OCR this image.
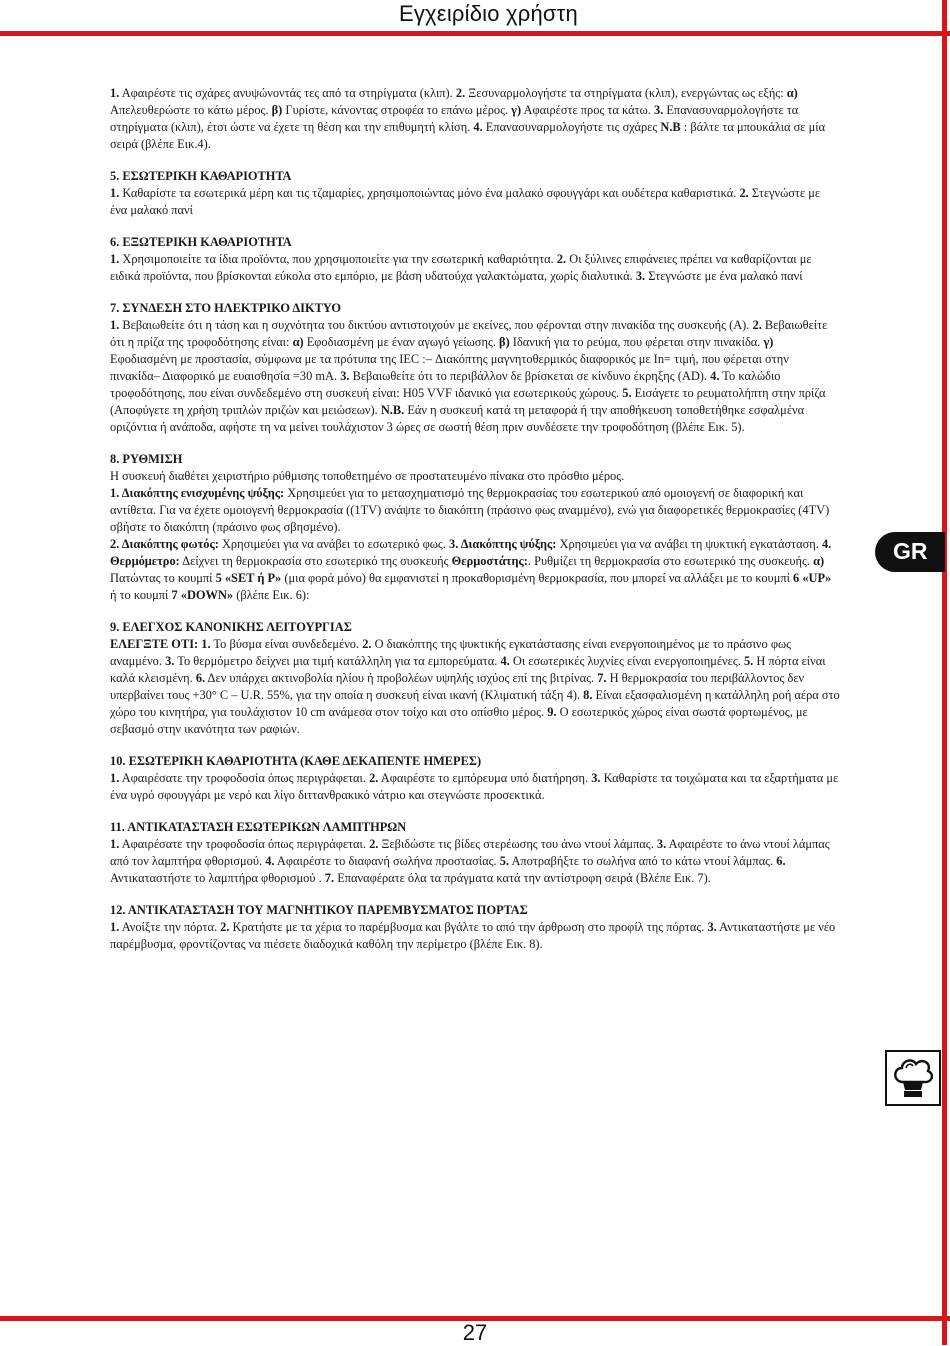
Εγχειρίδιο χρήστη
GR

1. Αφαιρέστε τις σχάρες ανυψώνοντάς τες από τα στηρίγματα (κλιπ). 2. Ξεσυναρμολογήστε τα στηρίγματα (κλιπ), ενεργώντας ως εξής: α) Απελευθερώστε το κάτω μέρος. β) Γυρίστε, κάνοντας στροφέα το επάνω μέρος. γ) Αφαιρέστε προς τα κάτω. 3. Επανασυναρμολογήστε τα στηρίγματα (κλιπ), έτσι ώστε να έχετε τη θέση και την επιθυμητή κλίση. 4. Επανασυναρμολογήστε τις σχάρες N.B : βάλτε τα μπουκάλια σε μία σειρά (βλέπε Εικ.4).

5. ΕΣΩΤΕΡΙΚΗ ΚΑΘΑΡΙΟΤΗΤΑ

1. Καθαρίστε τα εσωτερικά μέρη και τις τζαμαρίες, χρησιμοποιώντας μόνο ένα μαλακό σφουγγάρι και ουδέτερα καθαριστικά. 2. Στεγνώστε με ένα μαλακό πανί

6. ΕΞΩΤΕΡΙΚΗ ΚΑΘΑΡΙΟΤΗΤΑ

1. Χρησιμοποιείτε τα ίδια προϊόντα, που χρησιμοποιείτε για την εσωτερική καθαριότητα. 2. Οι ξύλινες επιφάνειες πρέπει να καθαρίζονται με ειδικά προϊόντα, που βρίσκονται εύκολα στο εμπόριο, με βάση υδατούχα γαλακτώματα, χωρίς διαλυτικά. 3. Στεγνώστε με ένα μαλακό πανί

7. ΣΥΝΔΕΣΗ ΣΤΟ ΗΛΕΚΤΡΙΚΟ ΔΙΚΤΥΟ

1. Βεβαιωθείτε ότι η τάση και η συχνότητα του δικτύου αντιστοιχούν με εκείνες, που φέρονται στην πινακίδα της συσκευής (A). 2. Βεβαιωθείτε ότι η πρίζα της τροφοδότησης είναι: α) Εφοδιασμένη με έναν αγωγό γείωσης. β) Ιδανική για το ρεύμα, που φέρεται στην πινακίδα. γ) Εφοδιασμένη με προστασία, σύμφωνα με τα πρότυπα της IEC :– Διακόπτης μαγνητοθερμικός διαφορικός με In= τιμή, που φέρεται στην πινακίδα– Διαφορικό με ευαισθησία =30 mA. 3. Βεβαιωθείτε ότι το περιβάλλον δε βρίσκεται σε κίνδυνο έκρηξης (AD). 4. Το καλώδιο τροφοδότησης, που είναι συνδεδεμένο στη συσκευή είναι: H05 VVF ιδανικό για εσωτερικούς χώρους. 5. Εισάγετε το ρευματολήπτη στην πρίζα (Αποφύγετε τη χρήση τριπλών πριζών και μειώσεων). N.B. Εάν η συσκευή κατά τη μεταφορά ή την αποθήκευση τοποθετήθηκε εσφαλμένα οριζόντια ή ανάποδα, αφήστε τη να μείνει τουλάχιστον 3 ώρες σε σωστή θέση πριν συνδέσετε την τροφοδότηση (βλέπε Εικ. 5).

8. ΡΥΘΜΙΣΗ

Η συσκευή διαθέτει χειριστήριο ρύθμισης τοποθετημένο σε προστατευμένο πίνακα στο πρόσθιο μέρος.
1. Διακόπτης ενισχυμένης ψύξης: Χρησιμεύει για το μετασχηματισμό της θερμοκρασίας του εσωτερικού από ομοιογενή σε διαφορική και αντίθετα. Για να έχετε ομοιογενή θερμοκρασία ((1TV) ανάψτε το διακόπτη (πράσινο φως αναμμένο), ενώ για διαφορετικές θερμοκρασίες (4TV) σβήστε το διακόπτη (πράσινο φως σβησμένο).
2. Διακόπτης φωτός: Χρησιμεύει για να ανάβει το εσωτερικό φως. 3. Διακόπτης ψύξης: Χρησιμεύει για να ανάβει τη ψυκτική εγκατάσταση. 4. Θερμόμετρο: Δείχνει τη θερμοκρασία στο εσωτερικό της συσκευής Θερμοστάτης:. Ρυθμίζει τη θερμοκρασία στο εσωτερικό της συσκευής. α) Πατώντας το κουμπί 5 «SET ή P» (μια φορά μόνο) θα εμφανιστεί η προκαθορισμένη θερμοκρασία, που μπορεί να αλλάξει με το κουμπί 6 «UP» ή το κουμπί 7 «DOWN» (βλέπε Εικ. 6):

9. ΕΛΕΓΧΟΣ ΚΑΝΟΝΙΚΗΣ ΛΕΙΤΟΥΡΓΙΑΣ

ΕΛΕΓΞΤΕ ΟΤΙ: 1. Το βύσμα είναι συνδεδεμένο. 2. Ο διακόπτης της ψυκτικής εγκατάστασης είναι ενεργοποιημένος με το πράσινο φως αναμμένο. 3. Το θερμόμετρο δείχνει μια τιμή κατάλληλη για τα εμπορεύματα. 4. Οι εσωτερικές λυχνίες είναι ενεργοποιημένες. 5. Η πόρτα είναι καλά κλεισμένη. 6. Δεν υπάρχει ακτινοβολία ηλίου ή προβολέων υψηλής ισχύος επί της βιτρίνας. 7. Η θερμοκρασία του περιβάλλοντος δεν υπερβαίνει τους +30° C – U.R. 55%, για την οποία η συσκευή είναι ικανή (Κλιματική τάξη 4). 8. Είναι εξασφαλισμένη η κατάλληλη ροή αέρα στο χώρο του κινητήρα, για τουλάχιστον 10 cm ανάμεσα στον τοίχο και στο οπίσθιο μέρος. 9. Ο εσωτερικός χώρος είναι σωστά φορτωμένος, με σεβασμό στην ικανότητα των ραφιών.

10. ΕΣΩΤΕΡΙΚΗ ΚΑΘΑΡΙΟΤΗΤΑ (ΚΑΘΕ ΔΕΚΑΠΕΝΤΕ ΗΜΕΡΕΣ)

1. Αφαιρέσατε την τροφοδοσία όπως περιγράφεται. 2. Αφαιρέστε το εμπόρευμα υπό διατήρηση. 3. Καθαρίστε τα τοιχώματα και τα εξαρτήματα με ένα υγρό σφουγγάρι με νερό και λίγο διττανθρακικό νάτριο και στεγνώστε προσεκτικά.

11. ΑΝΤΙΚΑΤΑΣΤΑΣΗ ΕΣΩΤΕΡΙΚΩΝ ΛΑΜΠΤΗΡΩΝ

1. Αφαιρέσατε την τροφοδοσία όπως περιγράφεται. 2. Ξεβιδώστε τις βίδες στερέωσης του άνω ντουί λάμπας. 3. Αφαιρέστε το άνω ντουί λάμπας από τον λαμπτήρα φθορισμού. 4. Αφαιρέστε το διαφανή σωλήνα προστασίας. 5. Αποτραβήξτε το σωλήνα από το κάτω ντουί λάμπας. 6. Αντικαταστήστε το λαμπτήρα φθορισμού . 7. Επαναφέρατε όλα τα πράγματα κατά την αντίστροφη σειρά (Βλέπε Εικ. 7).

12. ΑΝΤΙΚΑΤΑΣΤΑΣΗ ΤΟΥ ΜΑΓΝΗΤΙΚΟΥ ΠΑΡΕΜΒΥΣΜΑΤΟΣ ΠΟΡΤΑΣ

1. Ανοίξτε την πόρτα. 2. Κρατήστε με τα χέρια το παρέμβυσμα και βγάλτε το από την άρθρωση στο προφίλ της πόρτας. 3. Αντικαταστήστε με νέο παρέμβυσμα, φροντίζοντας να πιέσετε διαδοχικά καθόλη την περίμετρο (βλέπε Εικ. 8).

27
